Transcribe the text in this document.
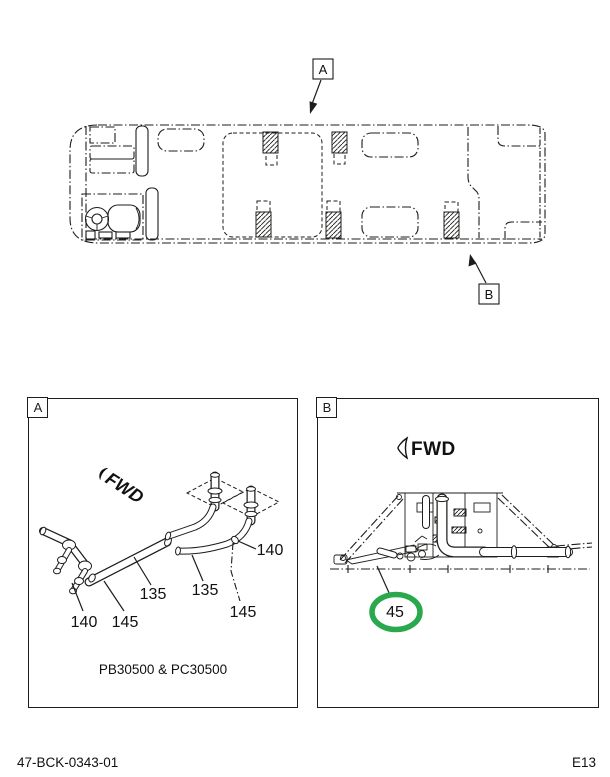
A
B
A
FWD
135
140 145
135
140
145
PB30500 & PC30500
B
FWD
45
47-BCK-0343-01	E13
